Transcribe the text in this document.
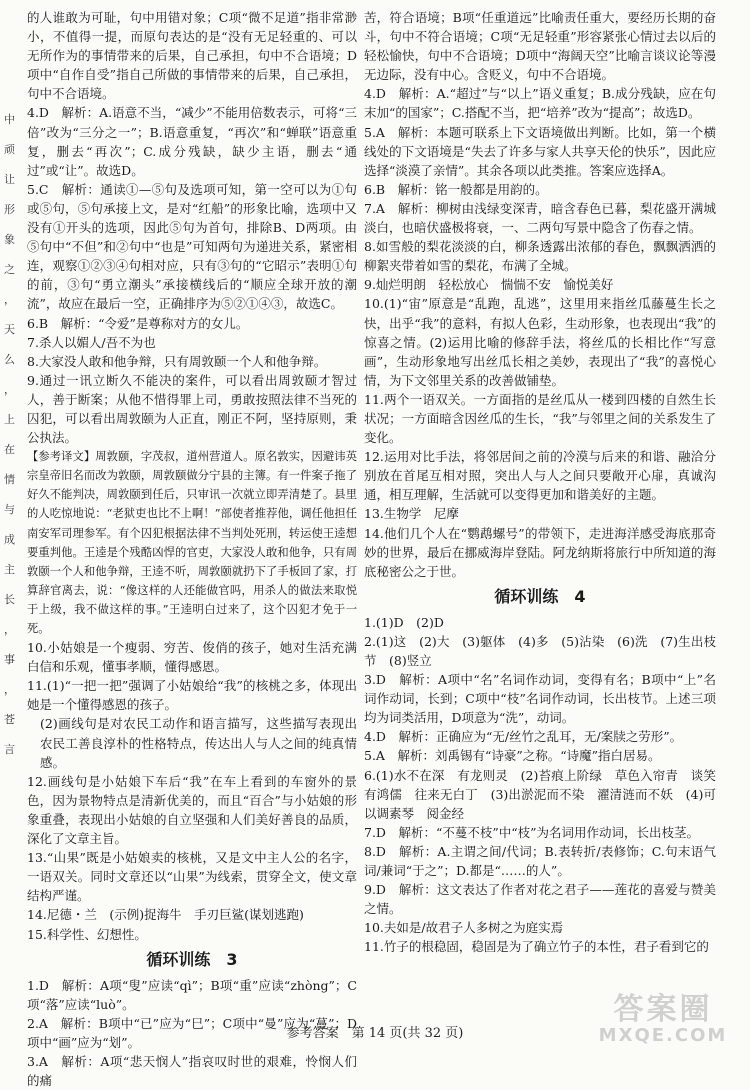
中
顽
让
形
象
之
，
天
么
，
上
在
情
与
成
主
长
，
事
，
苍
言

的人谁敢为可耻，句中用错对象；C项“微不足道”指非常渺小，不值得一提，而原句表达的是“没有无足轻重的、可以无所作为的事情带来的后果，自己承担，句中不合语境；D项中“自作自受”指自己所做的事情带来的后果，自己承担，句中不合语境。

4.D　解析：A.语意不当，“减少”不能用倍数表示，可将“三倍”改为“三分之一”；B.语意重复，“再次”和“蝉联”语意重复，删去“再次”；C.成分残缺，缺少主语，删去“通过”或“让”。故选D。

5.C　解析：通读①—⑤句及选项可知，第一空可以为①句或⑤句，⑤句承接上文，是对“红船”的形象比喻，选项中又没有①开头的选项，因此⑤句为首句，排除B、D两项。由⑤句中“不但”和②句中“也是”可知两句为递进关系，紧密相连，观察①②③④句相对应，只有③句的“它昭示”表明①句的前，③句“勇立潮头”承接横线后的“顺应全球开放的潮流”，故应在最后一空，正确排序为⑤②①④③，故选C。

6.B　解析：“令爱”是尊称对方的女儿。

7.杀人以媚人/吾不为也

8.大家没人敢和他争辩，只有周敦颐一个人和他争辩。

9.通过一讯立断久不能决的案件，可以看出周敦颐才智过人，善于断案；从他不惜得罪上司，勇敢按照法律不当死的囚犯，可以看出周敦颐为人正直，刚正不阿，坚持原则，秉公执法。

【参考译文】周敦颐，字茂叔，道州营道人。原名敦实，因避讳英宗皇帝旧名而改为敦颐，周敦颐做分宁县的主簿。有一件案子拖了好久不能判决，周敦颐到任后，只审讯一次就立即弄清楚了。县里的人吃惊地说：“老狱吏也比不上啊！”部使者推荐他，调任他担任南安军司理参军。有个囚犯根据法律不当判处死刑，转运使王逵想要重判他。王逵是个残酷凶悍的官吏，大家没人敢和他争，只有周敦颐一个人和他争辩，王逵不听，周敦颐就扔下了手板回了家，打算辞官离去，说：“像这样的人还能做官吗，用杀人的做法来取悦于上级，我不做这样的事。”王逵明白过来了，这个囚犯才免于一死。

10.小姑娘是一个瘦弱、穷苦、俊俏的孩子，她对生活充满白信和乐观，懂事孝顺，懂得感恩。

11.(1)“一把一把”强调了小姑娘给“我”的核桃之多，体现出她是一个懂得感恩的孩子。

(2)画线句是对农民工动作和语言描写，这些描写表现出农民工善良淳朴的性格特点，传达出人与人之间的纯真情感。

12.画线句是小姑娘下车后“我”在车上看到的车窗外的景色，因为景物特点是清新优美的，而且“百合”与小姑娘的形象重叠，表现出小姑娘的自立坚强和人们美好善良的品质，深化了文章主旨。

13.“山果”既是小姑娘卖的核桃，又是文中主人公的名字，一语双关。同时文章还以“山果”为线索，贯穿全文，使文章结构严谨。

14.尼德・兰　(示例)捉海牛　手刃巨鲨(谋划逃跑)

15.科学性、幻想性。

循环训练　3

1.D　解析：A项“叟”应读“qì”；B项“重”应读“zhòng”；C项“落”应读“luò”。

2.A　解析：B项中“已”应为“巳”；C项中“曼”应为“蔓”；D项中“画”应为“划”。

3.A　解析：A项“悲天悯人”指哀叹时世的艰难，怜悯人们的痛

苦，符合语境；B项“任重道远”比喻责任重大，要经历长期的奋斗，句中不符合语境；C项“无足轻重”形容紧张心情过去以后的轻松愉快，句中不合语境；D项中“海阔天空”比喻言谈议论等漫无边际，没有中心。含贬义，句中不合语境。

4.D　解析：A.“超过”与“以上”语义重复；B.成分残缺，应在句末加“的国家”；C.搭配不当，把“培养”改为“提高”；故选D。

5.A　解析：本题可联系上下文语境做出判断。比如，第一个横线处的下文语境是“失去了许多与家人共享天伦的快乐”，因此应选择“淡漠了亲情”。其余各项以此类推。答案应选择A。

6.B　解析：铭一般都是用韵的。

7.A　解析：柳树由浅绿变深青，暗含春色已暮，梨花盛开满城淡白，也暗伏盛极将衰，一、二两句写景中隐含了伤春之情。

8.如雪般的梨花淡淡的白，柳条透露出浓郁的春色，飘飘洒洒的柳絮夹带着如雪的梨花，布满了全城。

9.灿烂明朗　轻松放心　惴惴不安　愉悦美好

10.(1)“宙”原意是“乱跑，乱逃”，这里用来指丝瓜藤蔓生长之快，出乎“我”的意料，有拟人色彩，生动形象，也表现出“我”的惊喜之情。(2)运用比喻的修辞手法，将丝瓜的长相比作“写意画”，生动形象地写出丝瓜长相之美妙，表现出了“我”的喜悦心情，为下文邻里关系的改善做铺垫。

11.两个一语双关。一方面指的是丝瓜从一楼到四楼的自然生长状况；一方面暗含因丝瓜的生长，“我”与邻里之间的关系发生了变化。

12.运用对比手法，将邻居间之前的冷漠与后来的和谐、融洽分别放在首尾互相对照，突出人与人之间只要敞开心扉，真诚沟通，相互理解，生活就可以变得更加和谐美好的主题。

13.生物学　尼摩

14.他们几个人在“鹦鹉螺号”的带领下，走进海洋感受海底那奇妙的世界，最后在挪威海岸登陆。阿龙纳斯将旅行中所知道的海底秘密公之于世。

循环训练　4

1.(1)D　(2)D

2.(1)这　(2)大　(3)躯体　(4)多　(5)沾染　(6)洗　(7)生出枝节　(8)竖立

3.D　解析：A项中“名”名词作动词，变得有名；B项中“上”名词作动词，长到；C项中“枝”名词作动词，长出枝节。上述三项均为词类活用，D项意为“洗”，动词。

4.D　解析：正确应为“无/丝竹之乱耳，无/案牍之劳形”。

5.A　解析：刘禹锡有“诗豪”之称。“诗魔”指白居易。

6.(1)水不在深　有龙则灵　(2)苔痕上阶绿　草色入帘青　谈笑有鸿儒　往来无白丁　(3)出淤泥而不染　濯清涟而不妖　(4)可以调素琴　阅金经

7.D　解析：“不蔓不枝”中“枝”为名词用作动词，长出枝茎。

8.D　解析：A.主谓之间/代词；B.表转折/表修饰；C.句末语气词/兼词“于之”；D.都是“……的人”。

9.D　解析：这文表达了作者对花之君子——莲花的喜爱与赞美之情。

10.夫如是/故君子人多树之为庭实焉

11.竹子的根稳固，稳固是为了确立竹子的本性，君子看到它的

参考答案　第 14 页(共 32 页)
答案圈
MXQE.COM
